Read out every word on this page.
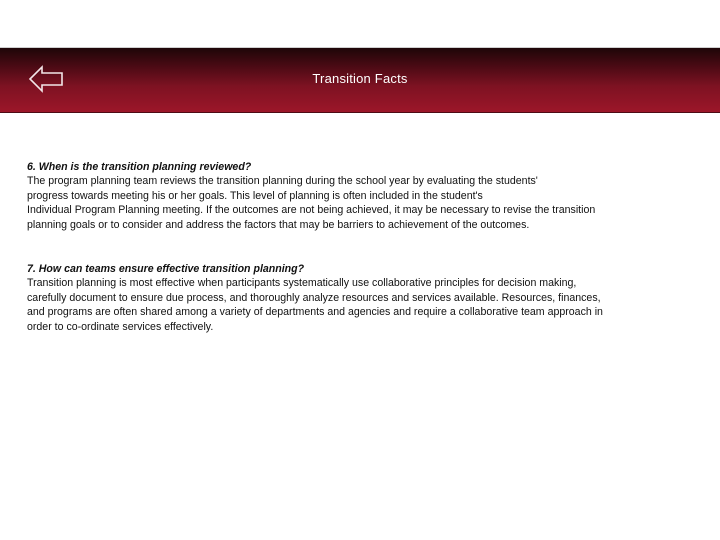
Transition Facts
6. When is the transition planning reviewed?
The program planning team reviews the transition planning during the school year by evaluating the students'
progress towards meeting his or her goals. This level of planning is often included in the student's
Individual Program Planning meeting. If the outcomes are not being achieved, it may be necessary to revise the transition
planning goals or to consider and address the factors that may be barriers to achievement of the outcomes.
7. How can teams ensure effective transition planning?
Transition planning is most effective when participants systematically use collaborative principles for decision making,
carefully document to ensure due process, and thoroughly analyze resources and services available. Resources, finances,
and programs are often shared among a variety of departments and agencies and require a collaborative team approach in
order to co-ordinate services effectively.
